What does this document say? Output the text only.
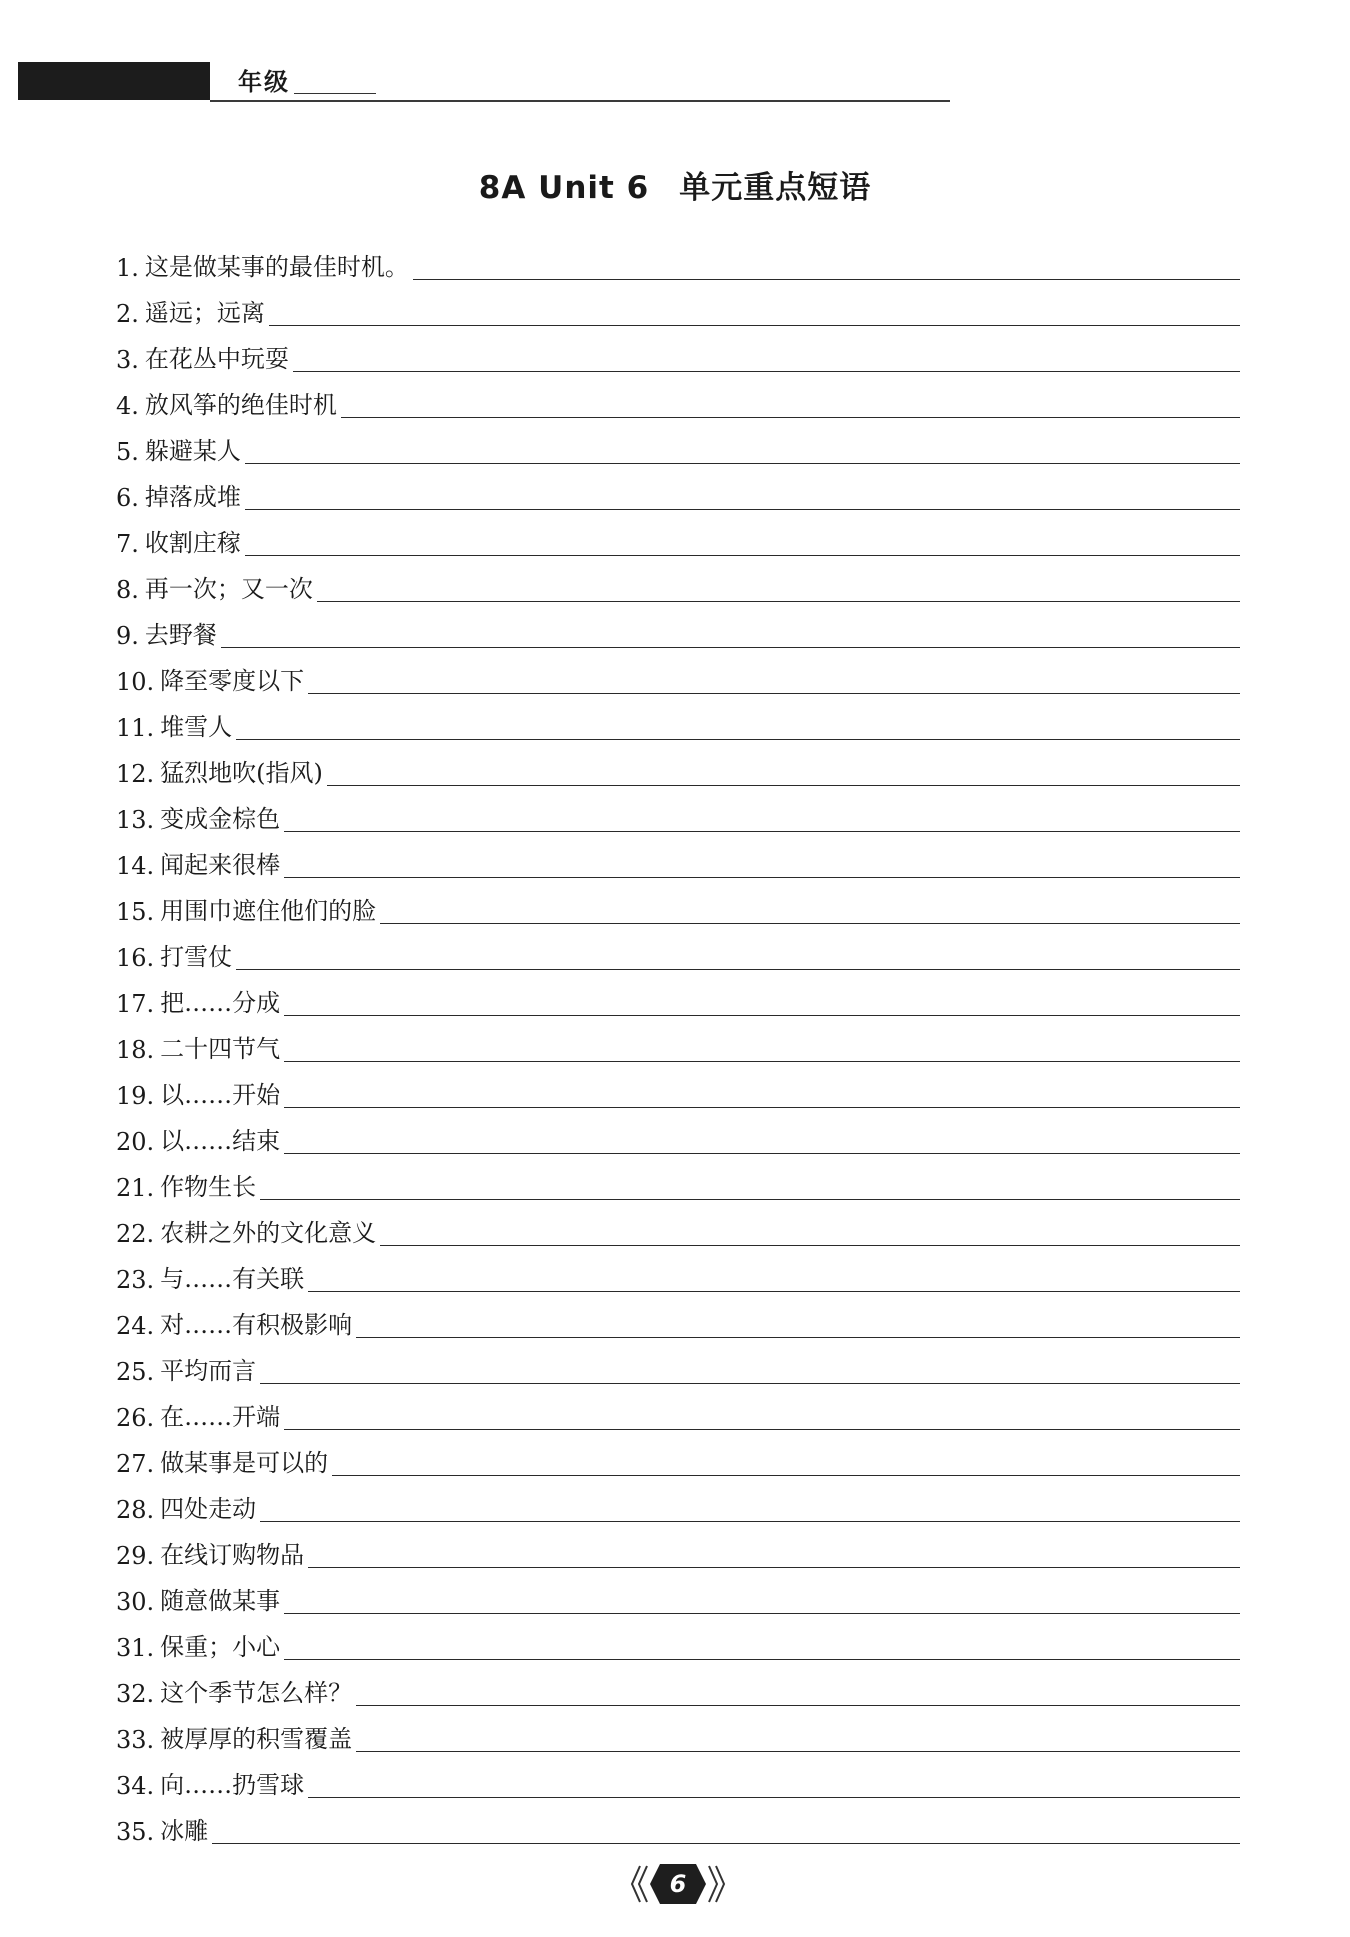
年级
8A Unit 6 单元重点短语
1. 这是做某事的最佳时机。
2. 遥远；远离
3. 在花丛中玩耍
4. 放风筝的绝佳时机
5. 躲避某人
6. 掉落成堆
7. 收割庄稼
8. 再一次；又一次
9. 去野餐
10. 降至零度以下
11. 堆雪人
12. 猛烈地吹(指风)
13. 变成金棕色
14. 闻起来很棒
15. 用围巾遮住他们的脸
16. 打雪仗
17. 把……分成
18. 二十四节气
19. 以……开始
20. 以……结束
21. 作物生长
22. 农耕之外的文化意义
23. 与……有关联
24. 对……有积极影响
25. 平均而言
26. 在……开端
27. 做某事是可以的
28. 四处走动
29. 在线订购物品
30. 随意做某事
31. 保重；小心
32. 这个季节怎么样？
33. 被厚厚的积雪覆盖
34. 向……扔雪球
35. 冰雕
6
